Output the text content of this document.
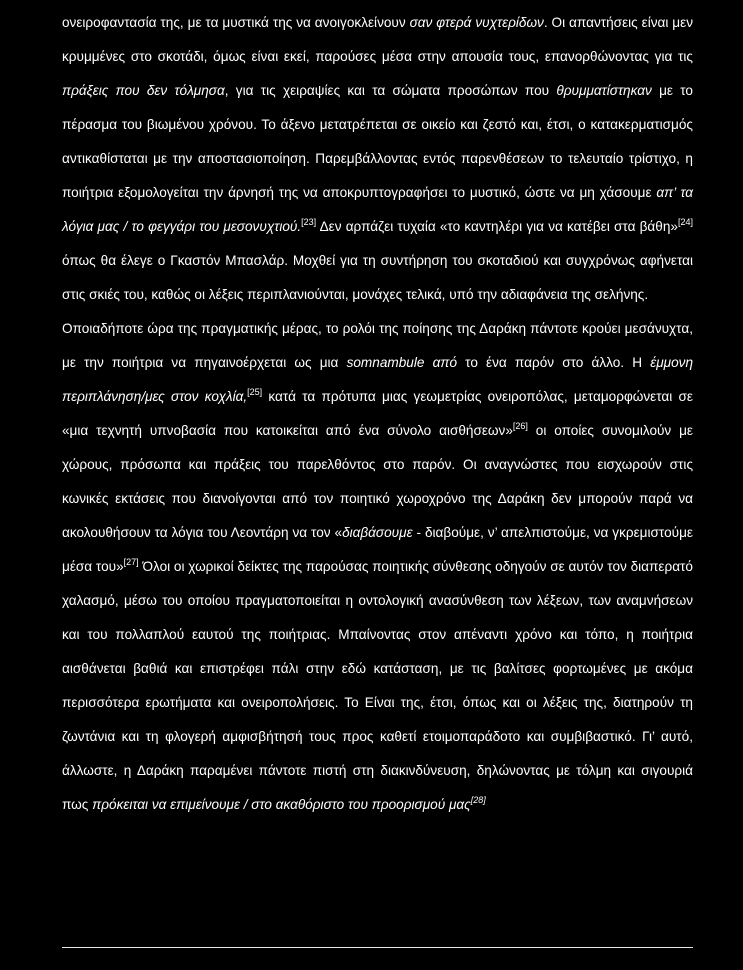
ονειροφαντασία της, με τα μυστικά της να ανοιγοκλείνουν σαν φτερά νυχτερίδων. Οι απαντήσεις είναι μεν κρυμμένες στο σκοτάδι, όμως είναι εκεί, παρούσες μέσα στην απουσία τους, επανορθώνοντας για τις πράξεις που δεν τόλμησα, για τις χειραψίες και τα σώματα προσώπων που θρυμματίστηκαν με το πέρασμα του βιωμένου χρόνου. Το άξενο μετατρέπεται σε οικείο και ζεστό και, έτσι, ο κατακερματισμός αντικαθίσταται με την αποστασιοποίηση. Παρεμβάλλοντας εντός παρενθέσεων το τελευταίο τρίστιχο, η ποιήτρια εξομολογείται την άρνησή της να αποκρυπτογραφήσει το μυστικό, ώστε να μη χάσουμε απ’ τα λόγια μας / το φεγγάρι του μεσονυχτιού.[23] Δεν αρπάζει τυχαία «το καντηλέρι για να κατέβει στα βάθη»[24] όπως θα έλεγε ο Γκαστόν Μπασλάρ. Μοχθεί για τη συντήρηση του σκοταδιού και συγχρόνως αφήνεται στις σκιές του, καθώς οι λέξεις περιπλανιούνται, μονάχες τελικά, υπό την αδιαφάνεια της σελήνης.

Οποιαδήποτε ώρα της πραγματικής μέρας, το ρολόι της ποίησης της Δαράκη πάντοτε κρούει μεσάνυχτα, με την ποιήτρια να πηγαινοέρχεται ως μια somnambule από το ένα παρόν στο άλλο. Η έμμονη περιπλάνηση/μες στον κοχλία,[25] κατά τα πρότυπα μιας γεωμετρίας ονειροπόλας, μεταμορφώνεται σε «μια τεχνητή υπνοβασία που κατοικείται από ένα σύνολο αισθήσεων»[26] οι οποίες συνομιλούν με χώρους, πρόσωπα και πράξεις του παρελθόντος στο παρόν. Οι αναγνώστες που εισχωρούν στις κωνικές εκτάσεις που διανοίγονται από τον ποιητικό χωροχρόνο της Δαράκη δεν μπορούν παρά να ακολουθήσουν τα λόγια του Λεοντάρη να τον «διαβάσουμε - διαβούμε, ν’ απελπιστούμε, να γκρεμιστούμε μέσα του»[27] Όλοι οι χωρικοί δείκτες της παρούσας ποιητικής σύνθεσης οδηγούν σε αυτόν τον διαπερατό χαλασμό, μέσω του οποίου πραγματοποιείται η οντολογική ανασύνθεση των λέξεων, των αναμνήσεων και του πολλαπλού εαυτού της ποιήτριας. Μπαίνοντας στον απέναντι χρόνο και τόπο, η ποιήτρια αισθάνεται βαθιά και επιστρέφει πάλι στην εδώ κατάσταση, με τις βαλίτσες φορτωμένες με ακόμα περισσότερα ερωτήματα και ονειροπολήσεις. Το Είναι της, έτσι, όπως και οι λέξεις της, διατηρούν τη ζωντάνια και τη φλογερή αμφισβήτησή τους προς καθετί ετοιμοπαράδοτο και συμβιβαστικό. Γι’ αυτό, άλλωστε, η Δαράκη παραμένει πάντοτε πιστή στη διακινδύνευση, δηλώνοντας με τόλμη και σιγουριά πως πρόκειται να επιμείνουμε / στο ακαθόριστο του προορισμού μας[28]
